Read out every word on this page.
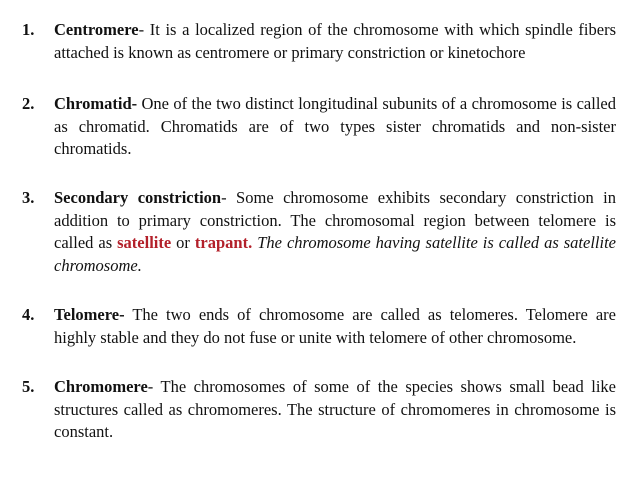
1. Centromere- It is a localized region of the chromosome with which spindle fibers attached is known as centromere or primary constriction or kinetochore
2. Chromatid- One of the two distinct longitudinal subunits of a chromosome is called as chromatid. Chromatids are of two types sister chromatids and non-sister chromatids.
3. Secondary constriction- Some chromosome exhibits secondary constriction in addition to primary constriction. The chromosomal region between telomere is called as satellite or trapant. The chromosome having satellite is called as satellite chromosome.
4. Telomere- The two ends of chromosome are called as telomeres. Telomere are highly stable and they do not fuse or unite with telomere of other chromosome.
5. Chromomere- The chromosomes of some of the species shows small bead like structures called as chromomeres. The structure of chromomeres in chromosome is constant.
